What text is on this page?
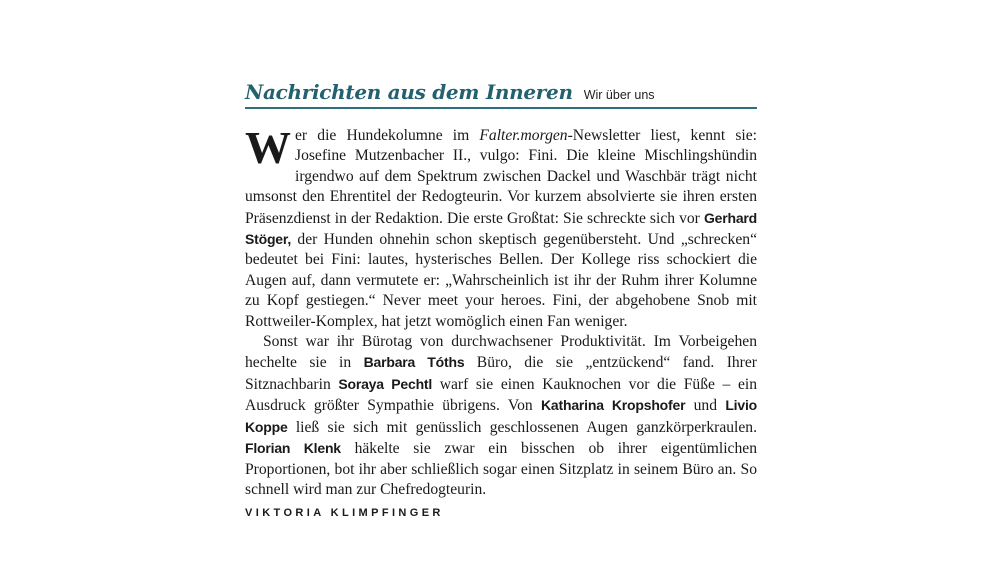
Nachrichten aus dem Inneren Wir über uns

Wer die Hundekolumne im Falter.morgen-Newsletter liest, kennt sie: Josefine Mutzenbacher II., vulgo: Fini. Die kleine Mischlingshündin irgendwo auf dem Spektrum zwischen Dackel und Waschbär trägt nicht umsonst den Ehrentitel der Redogteurin. Vor kurzem absolvierte sie ihren ersten Präsenzdienst in der Redaktion. Die erste Großtat: Sie schreckte sich vor Gerhard Stöger, der Hunden ohnehin schon skeptisch gegenübersteht. Und „schrecken“ bedeutet bei Fini: lautes, hysterisches Bellen. Der Kollege riss schockiert die Augen auf, dann vermutete er: „Wahrscheinlich ist ihr der Ruhm ihrer Kolumne zu Kopf gestiegen.“ Never meet your heroes. Fini, der abgehobene Snob mit Rottweiler-Komplex, hat jetzt womöglich einen Fan weniger.

Sonst war ihr Bürotag von durchwachsener Produktivität. Im Vorbeigehen hechelte sie in Barbara Tóths Büro, die sie „entzückend“ fand. Ihrer Sitznachbarin Soraya Pechtl warf sie einen Kauknochen vor die Füße – ein Ausdruck größter Sympathie übrigens. Von Katharina Kropshofer und Livio Koppe ließ sie sich mit genüsslich geschlossenen Augen ganzkörperkraulen. Florian Klenk häkelte sie zwar ein bisschen ob ihrer eigentümlichen Proportionen, bot ihr aber schließlich sogar einen Sitzplatz in seinem Büro an. So schnell wird man zur Chefredogteurin.

VIKTORIA KLIMPFINGER
